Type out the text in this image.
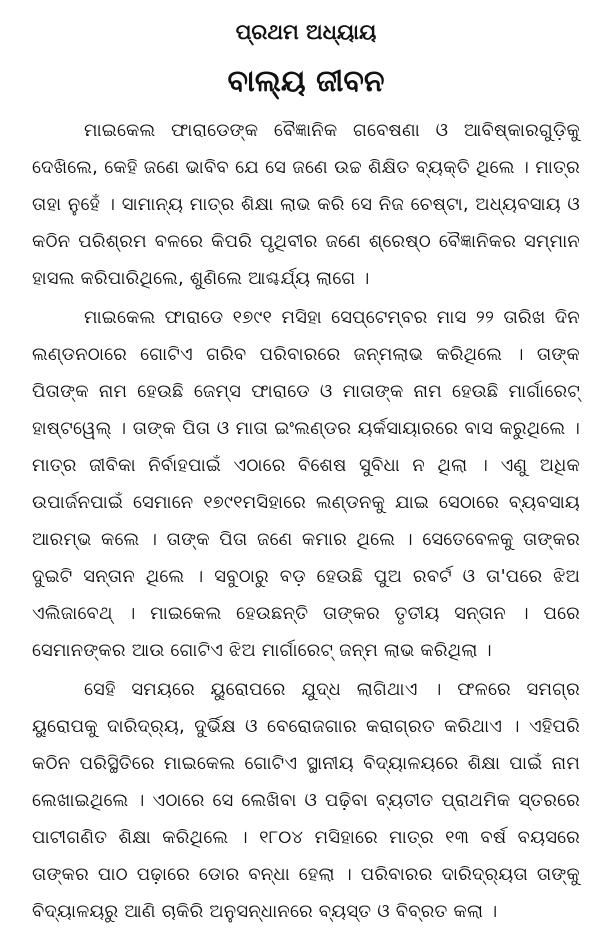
ପ୍ରଥମ ଅଧ୍ୟାୟ
ବାଲ୍ୟ ଜୀବନ

ମାଇକେଲ ଫାରାଡେଙ୍କ ବୈଜ୍ଞାନିକ ଗବେଷଣା ଓ ଆବିଷ୍କାରଗୁଡ଼ିକୁ ଦେଖିଲେ, କେହି ଜଣେ ଭାବିବ ଯେ ସେ ଜଣେ ଉଚ୍ଚ ଶିକ୍ଷିତ ବ୍ୟକ୍ତି ଥିଲେ । ମାତ୍ର ତାହା ନୁହେଁ । ସାମାନ୍ୟ ମାତ୍ର ଶିକ୍ଷା ଲାଭ କରି ସେ ନିଜ ଚେଷ୍ଟା, ଅଧ୍ୟବସାୟ ଓ କଠିନ ପରିଶ୍ରମ ବଳରେ କିପରି ପୃଥିବୀର ଜଣେ ଶ୍ରେଷ୍ଠ ବୈଜ୍ଞାନିକର ସମ୍ମାନ ହାସଲ କରିପାରିଥିଲେ, ଶୁଣିଲେ ଆଶ୍ଚର୍ଯ୍ୟ ଲାଗେ ।

ମାଇକେଲ ଫାରାଡେ ୧୭୯୧ ମସିହା ସେପ୍ଟେମ୍ବର ମାସ ୨୨ ତାରିଖ ଦିନ ଲଣ୍ଡନଠାରେ ଗୋଟିଏ ଗରିବ ପରିବାରରେ ଜନ୍ମଲାଭ କରିଥିଲେ । ତାଙ୍କ ପିତାଙ୍କ ନାମ ହେଉଛି ଜେମ୍ସ ଫାରାଡେ ଓ ମାତାଙ୍କ ନାମ ହେଉଛି ମାର୍ଗାରେଟ୍ ହାଷ୍ଟୱେଲ୍ । ତାଙ୍କ ପିତା ଓ ମାତା ଇଂଲଣ୍ଡର ୟର୍କସାୟାରରେ ବାସ କରୁଥିଲେ । ମାତ୍ର ଜୀବିକା ନିର୍ବାହପାଇଁ ଏଠାରେ ବିଶେଷ ସୁବିଧା ନ ଥିଲା । ଏଣୁ ଅଧିକ ଉପାର୍ଜନପାଇଁ ସେମାନେ ୧୭୯୧ମସିହାରେ ଲଣ୍ଡନକୁ ଯାଇ ସେଠାରେ ବ୍ୟବସାୟ ଆରମ୍ଭ କଲେ । ତାଙ୍କ ପିତା ଜଣେ କମାର ଥିଲେ । ସେତେବେଳକୁ ତାଙ୍କର ଦୁଇଟି ସନ୍ତାନ ଥିଲେ । ସବୁଠାରୁ ବଡ଼ ହେଉଛି ପୁଅ ରବର୍ଟ ଓ ତା'ପରେ ଝିଅ ଏଲିଜାବେଥ୍ । ମାଇକେଲ ହେଉଛନ୍ତି ତାଙ୍କର ତୃତୀୟ ସନ୍ତାନ । ପରେ ସେମାନଙ୍କର ଆଉ ଗୋଟିଏ ଝିଅ ମାର୍ଗାରେଟ୍ ଜନ୍ମ ଲାଭ କରିଥିଲା ।

ସେହି ସମୟରେ ୟୁରୋପରେ ଯୁଦ୍ଧ ଲାଗିଥାଏ । ଫଳରେ ସମଗ୍ର ୟୁରୋପକୁ ଦାରିଦ୍ର୍ୟ, ଦୁର୍ଭିକ୍ଷ ଓ ବେରୋଜଗାର କରାଗ୍ରତ କରିଥାଏ । ଏହିପରି କଠିନ ପରିସ୍ଥିତିରେ ମାଇକେଲ ଗୋଟିଏ ସ୍ଥାନୀୟ ବିଦ୍ୟାଳୟରେ ଶିକ୍ଷା ପାଇଁ ନାମ ଲେଖାଇଥିଲେ । ଏଠାରେ ସେ ଲେଖିବା ଓ ପଢ଼ିବା ବ୍ୟତୀତ ପ୍ରାଥମିକ ସ୍ତରରେ ପାଟୀଗଣିତ ଶିକ୍ଷା କରିଥିଲେ । ୧୮୦୪ ମସିହାରେ ମାତ୍ର ୧୩ ବର୍ଷ ବୟସରେ ତାଙ୍କର ପାଠ ପଢ଼ାରେ ଡୋର ବନ୍ଧା ହେଲା । ପରିବାରର ଦାରିଦ୍ର୍ୟତା ତାଙ୍କୁ ବିଦ୍ୟାଳୟରୁ ଆଣି ଚାକିରି ଅନୁସନ୍ଧାନରେ ବ୍ୟସ୍ତ ଓ ବିବ୍ରତ କଲା ।
